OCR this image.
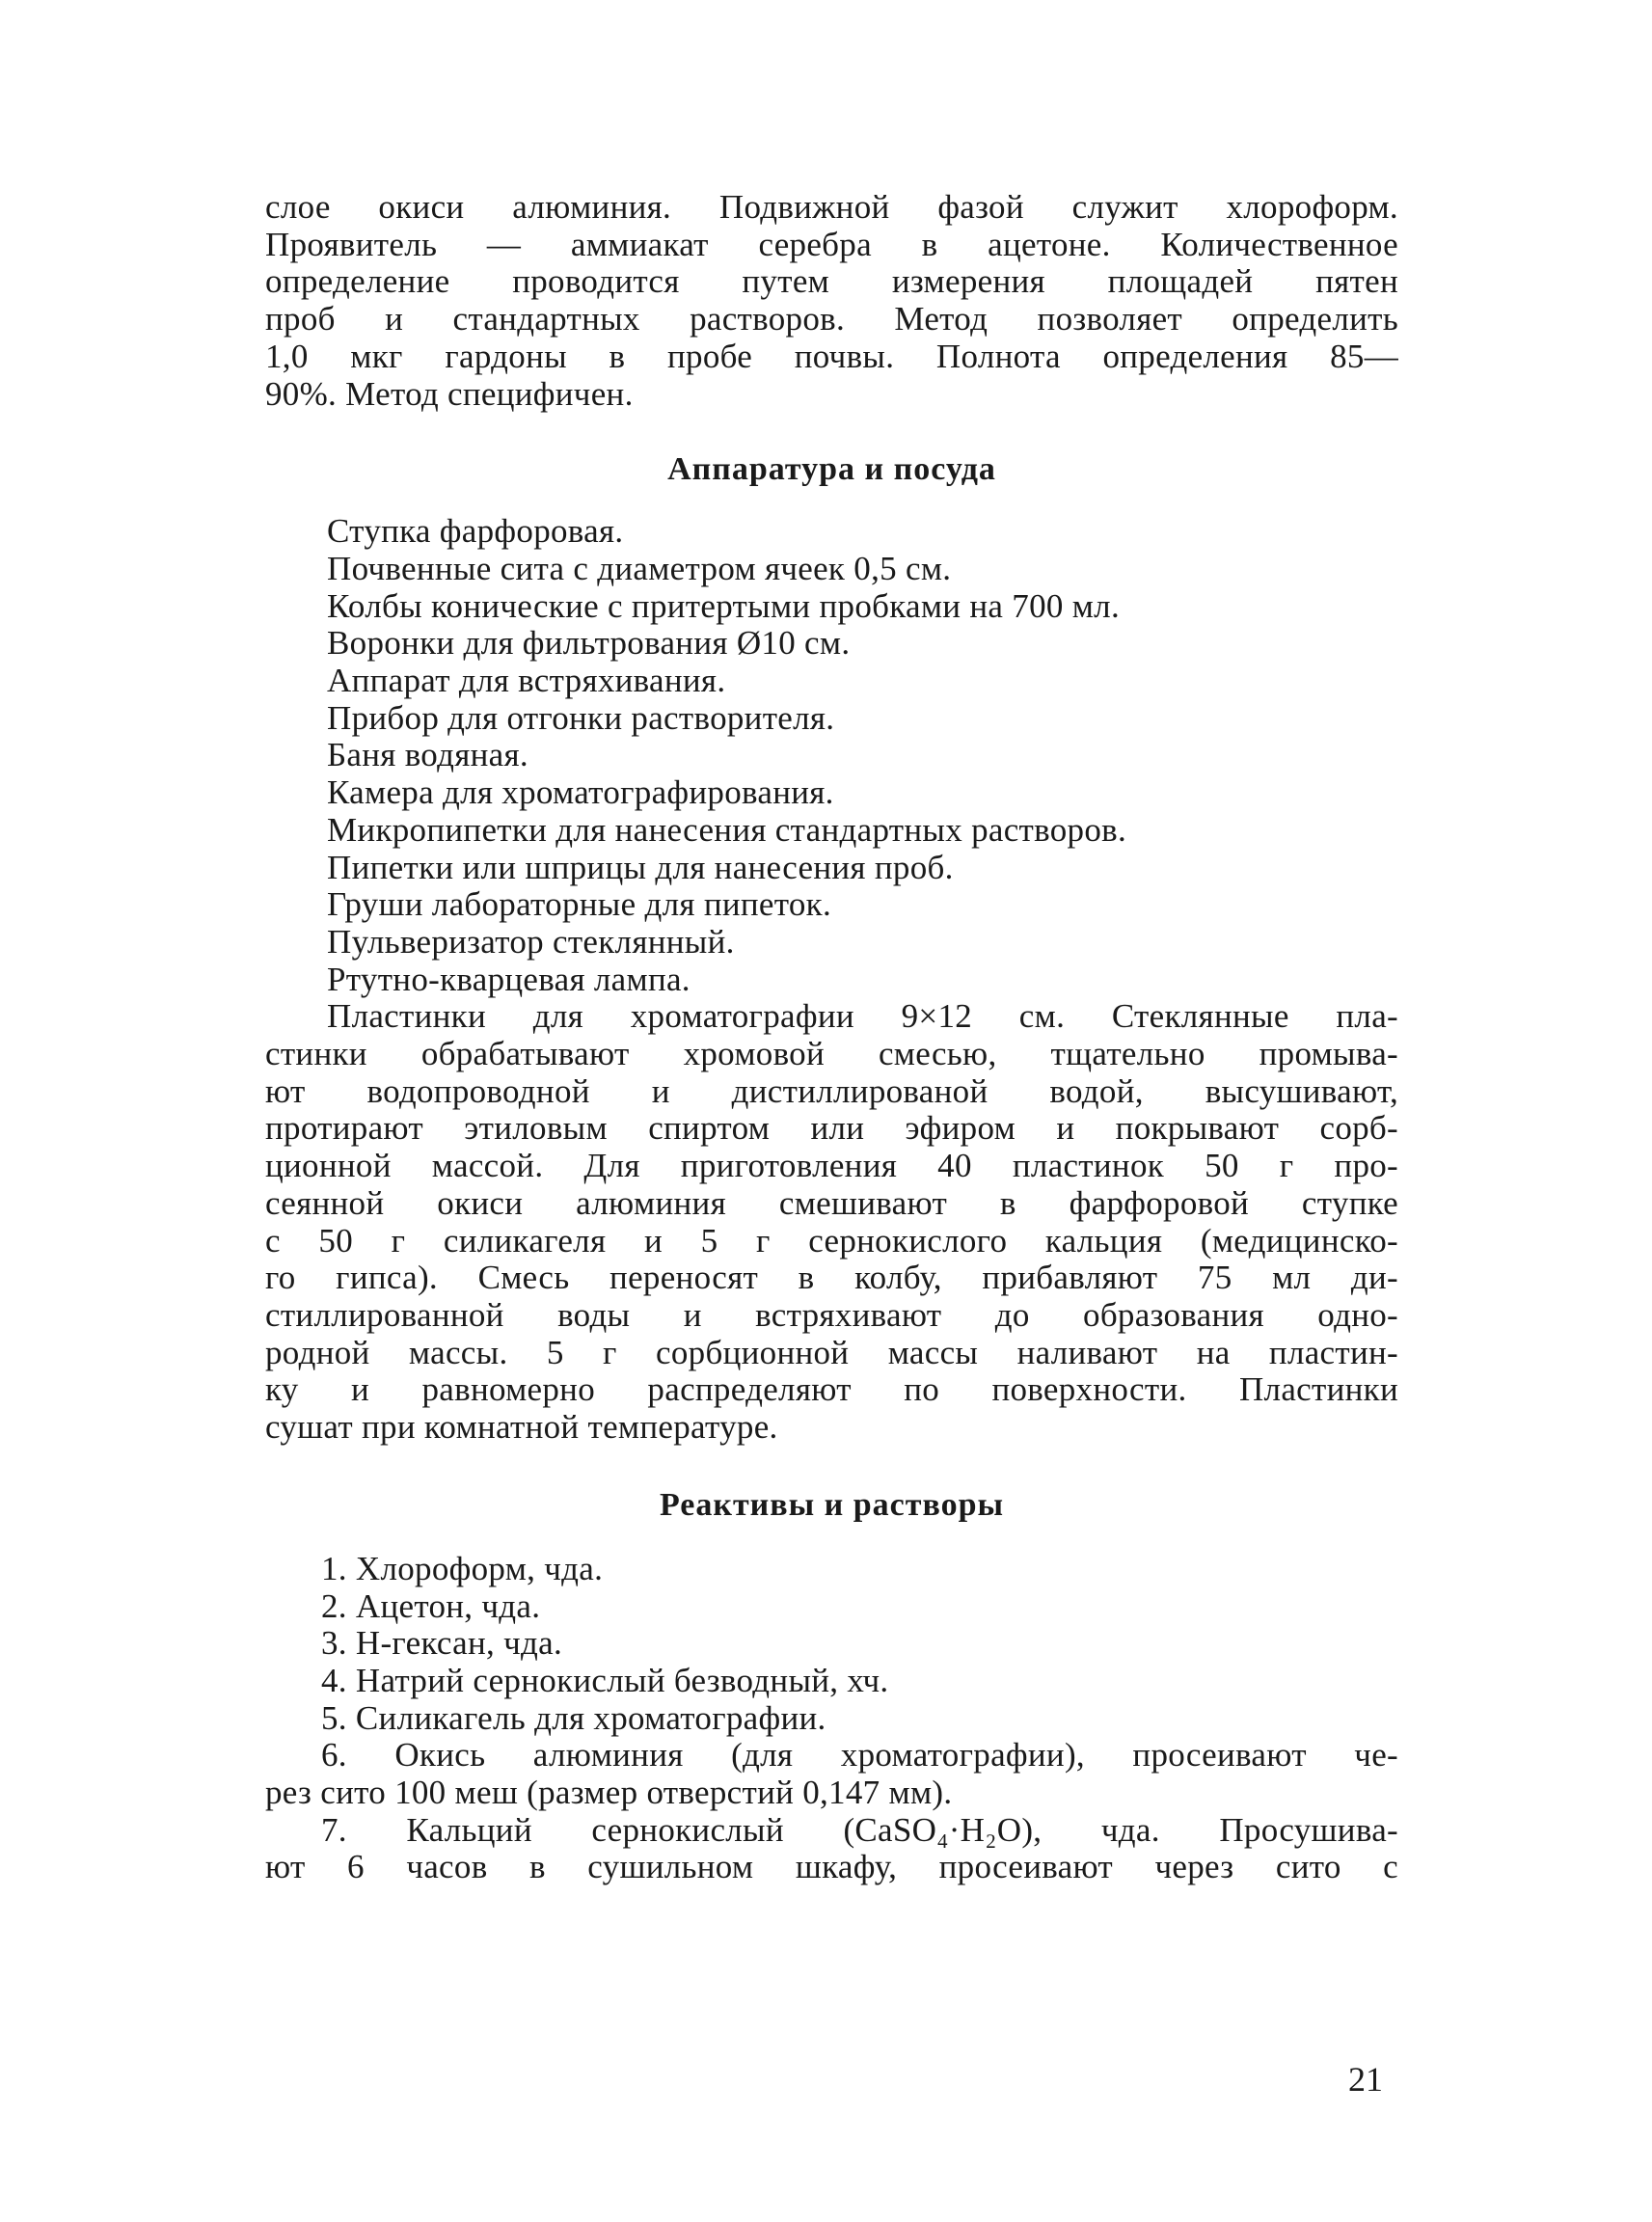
слое окиси алюминия. Подвижной фазой служит хлороформ.
Проявитель — аммиакат серебра в ацетоне. Количественное
определение проводится путем измерения площадей пятен
проб и стандартных растворов. Метод позволяет определить
1,0 мкг гардоны в пробе почвы. Полнота определения 85—
90%. Метод специфичен.
Аппаратура и посуда
Ступка фарфоровая.
Почвенные сита с диаметром ячеек 0,5 см.
Колбы конические с притертыми пробками на 700 мл.
Воронки для фильтрования Ø10 см.
Аппарат для встряхивания.
Прибор для отгонки растворителя.
Баня водяная.
Камера для хроматографирования.
Микропипетки для нанесения стандартных растворов.
Пипетки или шприцы для нанесения проб.
Груши лабораторные для пипеток.
Пульверизатор стеклянный.
Ртутно-кварцевая лампа.
Пластинки для хроматографии 9×12 см. Стеклянные пла-
стинки обрабатывают хромовой смесью, тщательно промыва-
ют водопроводной и дистиллированой водой, высушивают,
протирают этиловым спиртом или эфиром и покрывают сорб-
ционной массой. Для приготовления 40 пластинок 50 г про-
сеянной окиси алюминия смешивают в фарфоровой ступке
с 50 г силикагеля и 5 г сернокислого кальция (медицинско-
го гипса). Смесь переносят в колбу, прибавляют 75 мл ди-
стиллированной воды и встряхивают до образования одно-
родной массы. 5 г сорбционной массы наливают на пластин-
ку и равномерно распределяют по поверхности. Пластинки
сушат при комнатной температуре.
Реактивы и растворы
1. Хлороформ, чда.
2. Ацетон, чда.
3. Н-гексан, чда.
4. Натрий сернокислый безводный, хч.
5. Силикагель для хроматографии.
6. Окись алюминия (для хроматографии), просеивают че-
рез сито 100 меш (размер отверстий 0,147 мм).
7. Кальций сернокислый (CaSO₄·H₂O), чда. Просушива-
ют 6 часов в сушильном шкафу, просеивают через сито с
21
